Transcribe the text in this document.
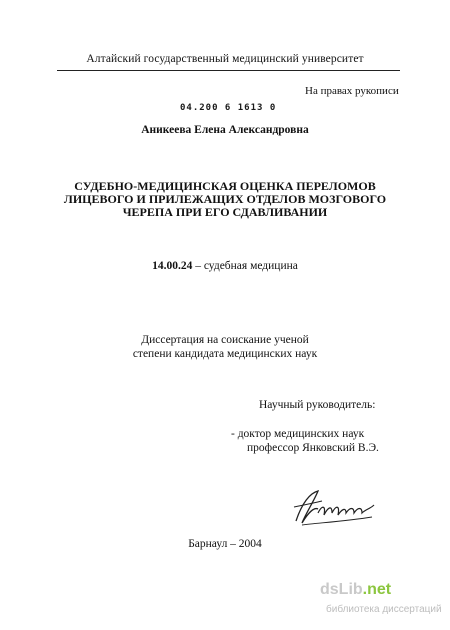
Алтайский государственный медицинский университет
На правах рукописи
04.200 6 1613 0
Аникеева Елена Александровна
СУДЕБНО-МЕДИЦИНСКАЯ ОЦЕНКА ПЕРЕЛОМОВ
ЛИЦЕВОГО И ПРИЛЕЖАЩИХ ОТДЕЛОВ МОЗГОВОГО
ЧЕРЕПА ПРИ ЕГО СДАВЛИВАНИИ
14.00.24 – судебная медицина
Диссертация на соискание ученой
степени кандидата медицинских наук
Научный руководитель:
- доктор медицинских наук
профессор Янковский В.Э.
Барнаул – 2004
dsLib.net
библиотека диссертаций
